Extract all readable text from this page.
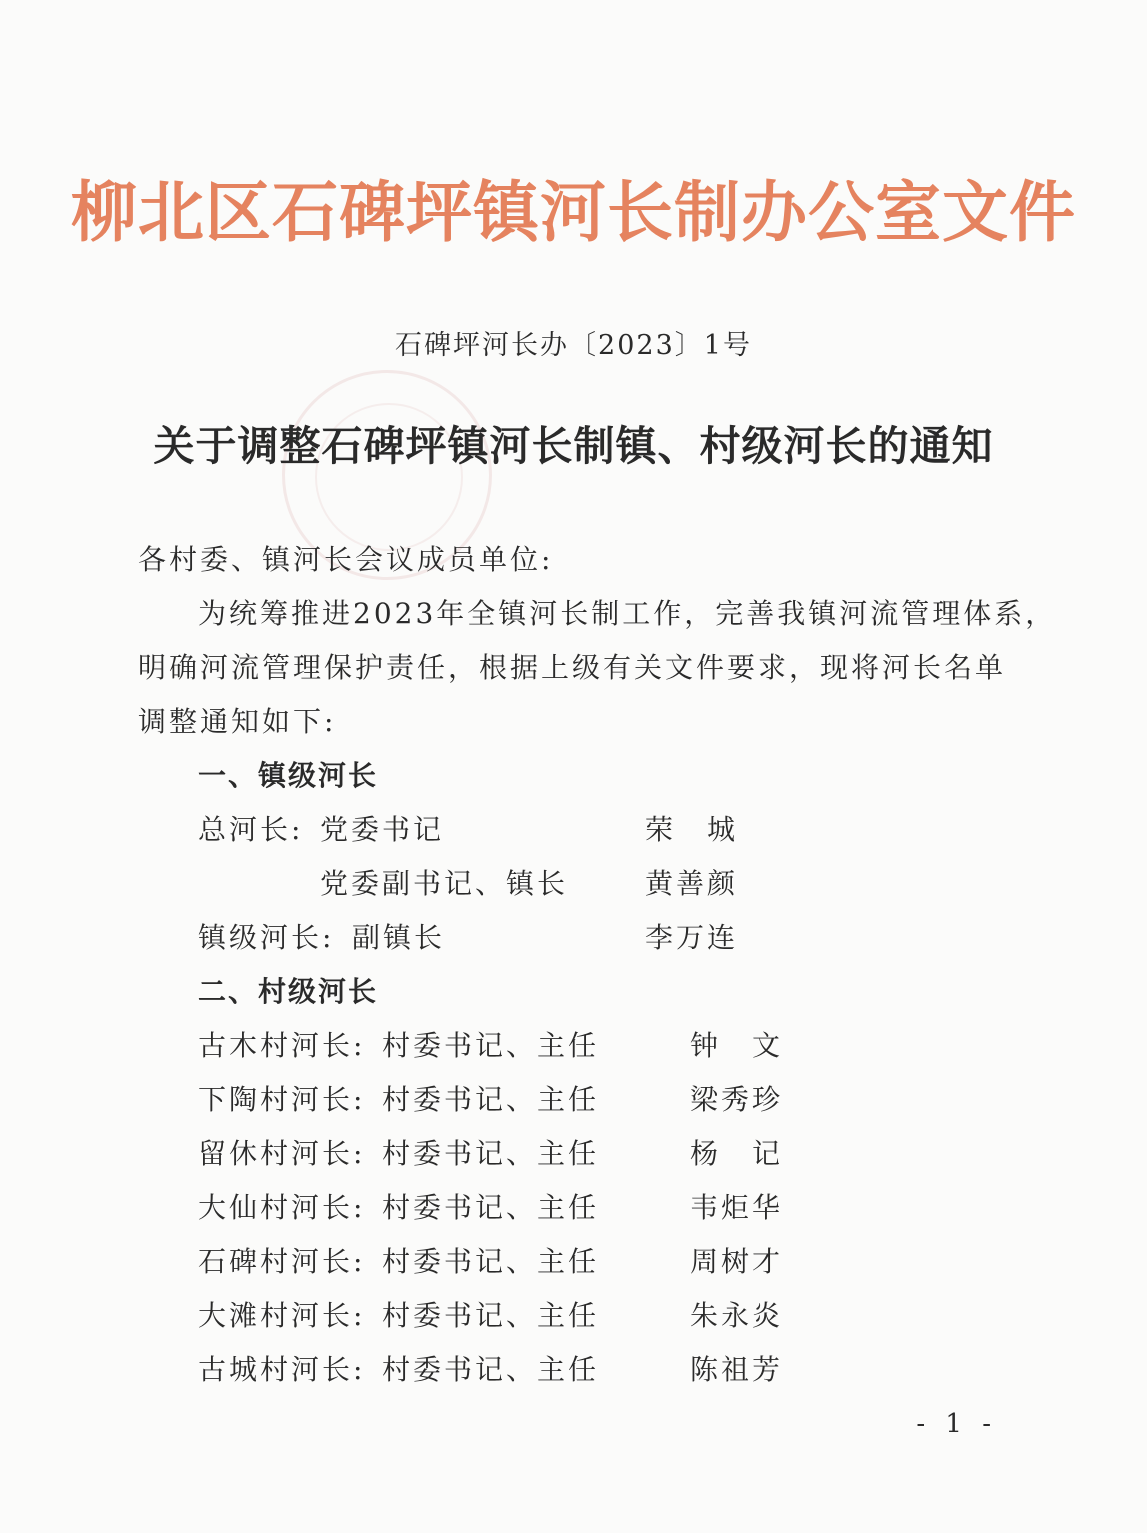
柳北区石碑坪镇河长制办公室文件
石碑坪河长办〔2023〕1号
关于调整石碑坪镇河长制镇、村级河长的通知
各村委、镇河长会议成员单位:
为统筹推进2023年全镇河长制工作，完善我镇河流管理体系，
明确河流管理保护责任，根据上级有关文件要求，现将河长名单
调整通知如下:
一、镇级河长
总河长: 党委书记	荣　城
党委副书记、镇长	黄善颜
镇级河长: 副镇长	李万连
二、村级河长
古木村河长: 村委书记、主任	钟　文
下陶村河长: 村委书记、主任	梁秀珍
留休村河长: 村委书记、主任	杨　记
大仙村河长: 村委书记、主任	韦炬华
石碑村河长: 村委书记、主任	周树才
大滩村河长: 村委书记、主任	朱永炎
古城村河长: 村委书记、主任	陈祖芳
- 1 -
